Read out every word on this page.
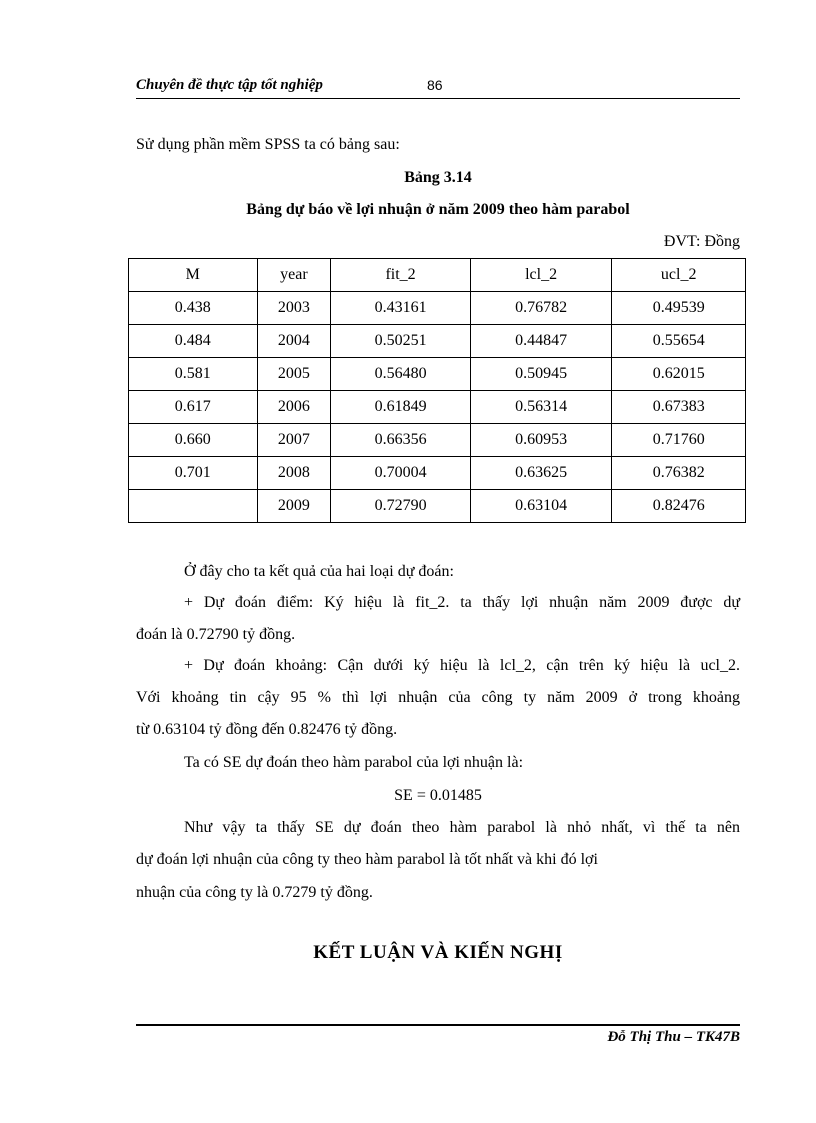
Chuyên đề thực tập tốt nghiệp	86
Sử dụng phần mềm SPSS ta có bảng sau:
Bảng 3.14
Bảng dự báo về lợi nhuận ở năm 2009 theo hàm parabol
ĐVT: Đồng
M	year	fit_2	lcl_2	ucl_2
0.438	2003	0.43161	0.76782	0.49539
0.484	2004	0.50251	0.44847	0.55654
0.581	2005	0.56480	0.50945	0.62015
0.617	2006	0.61849	0.56314	0.67383
0.660	2007	0.66356	0.60953	0.71760
0.701	2008	0.70004	0.63625	0.76382
	2009	0.72790	0.63104	0.82476
Ở đây cho ta kết quả của hai loại dự đoán:
+ Dự đoán điểm: Ký hiệu là fit_2. ta thấy lợi nhuận năm 2009 được dự
đoán là 0.72790 tỷ đồng.
+ Dự đoán khoảng: Cận dưới ký hiệu là lcl_2, cận trên ký hiệu là ucl_2.
Với khoảng tin cậy 95 % thì lợi nhuận của công ty năm 2009 ở trong khoảng
từ 0.63104 tỷ đồng đến 0.82476 tỷ đồng.
Ta có SE dự đoán theo hàm parabol của lợi nhuận là:
SE = 0.01485
Như vậy ta thấy SE dự đoán theo hàm parabol là nhỏ nhất, vì thế ta nên
dự đoán lợi nhuận của công ty theo hàm parabol là tốt nhất và khi đó lợi
nhuận của công ty là 0.7279 tỷ đồng.
KẾT LUẬN VÀ KIẾN NGHỊ
Đỗ Thị Thu – TK47B
